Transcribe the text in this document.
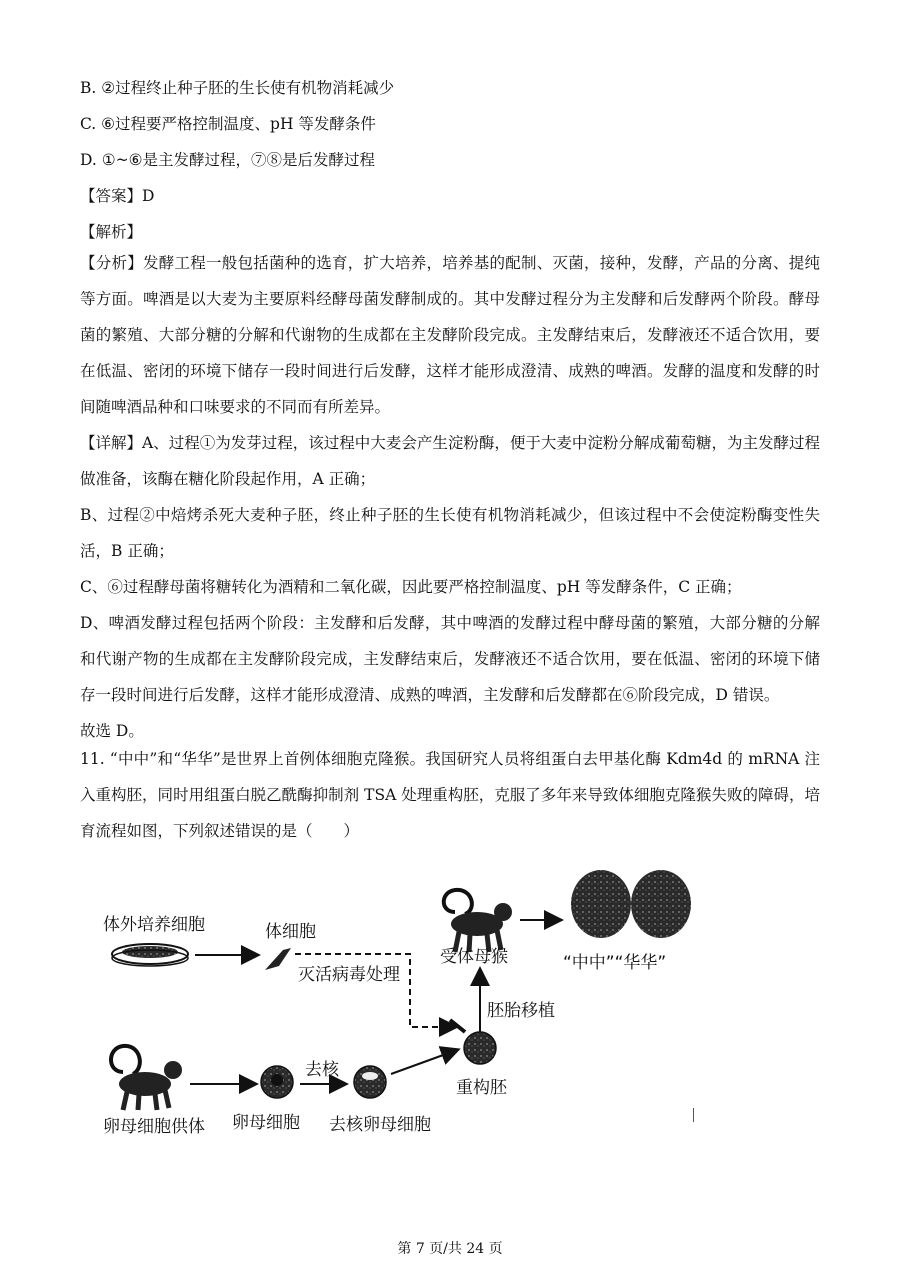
B. ②过程终止种子胚的生长使有机物消耗减少

C. ⑥过程要严格控制温度、pH 等发酵条件

D. ①~⑥是主发酵过程，⑦⑧是后发酵过程

【答案】D

【解析】

【分析】发酵工程一般包括菌种的选育，扩大培养，培养基的配制、灭菌，接种，发酵，产品的分离、提纯等方面。啤酒是以大麦为主要原料经酵母菌发酵制成的。其中发酵过程分为主发酵和后发酵两个阶段。酵母菌的繁殖、大部分糖的分解和代谢物的生成都在主发酵阶段完成。主发酵结束后，发酵液还不适合饮用，要在低温、密闭的环境下储存一段时间进行后发酵，这样才能形成澄清、成熟的啤酒。发酵的温度和发酵的时间随啤酒品种和口味要求的不同而有所差异。

【详解】A、过程①为发芽过程，该过程中大麦会产生淀粉酶，便于大麦中淀粉分解成葡萄糖，为主发酵过程做准备，该酶在糖化阶段起作用，A 正确；

B、过程②中焙烤杀死大麦种子胚，终止种子胚的生长使有机物消耗减少，但该过程中不会使淀粉酶变性失活，B 正确；

C、⑥过程酵母菌将糖转化为酒精和二氧化碳，因此要严格控制温度、pH 等发酵条件，C 正确；

D、啤酒发酵过程包括两个阶段：主发酵和后发酵，其中啤酒的发酵过程中酵母菌的繁殖，大部分糖的分解和代谢产物的生成都在主发酵阶段完成，主发酵结束后，发酵液还不适合饮用，要在低温、密闭的环境下储存一段时间进行后发酵，这样才能形成澄清、成熟的啤酒，主发酵和后发酵都在⑥阶段完成，D 错误。

故选 D。

11. “中中”和“华华”是世界上首例体细胞克隆猴。我国研究人员将组蛋白去甲基化酶 Kdm4d 的 mRNA 注入重构胚，同时用组蛋白脱乙酰酶抑制剂 TSA 处理重构胚，克服了多年来导致体细胞克隆猴失败的障碍，培育流程如图，下列叙述错误的是（　　）

体外培养细胞	体细胞
灭活病毒处理
受体母猴	“中中”“华华”
胚胎移植
重构胚
去核
卵母细胞供体 卵母细胞 去核卵母细胞
第 7 页/共 24 页
